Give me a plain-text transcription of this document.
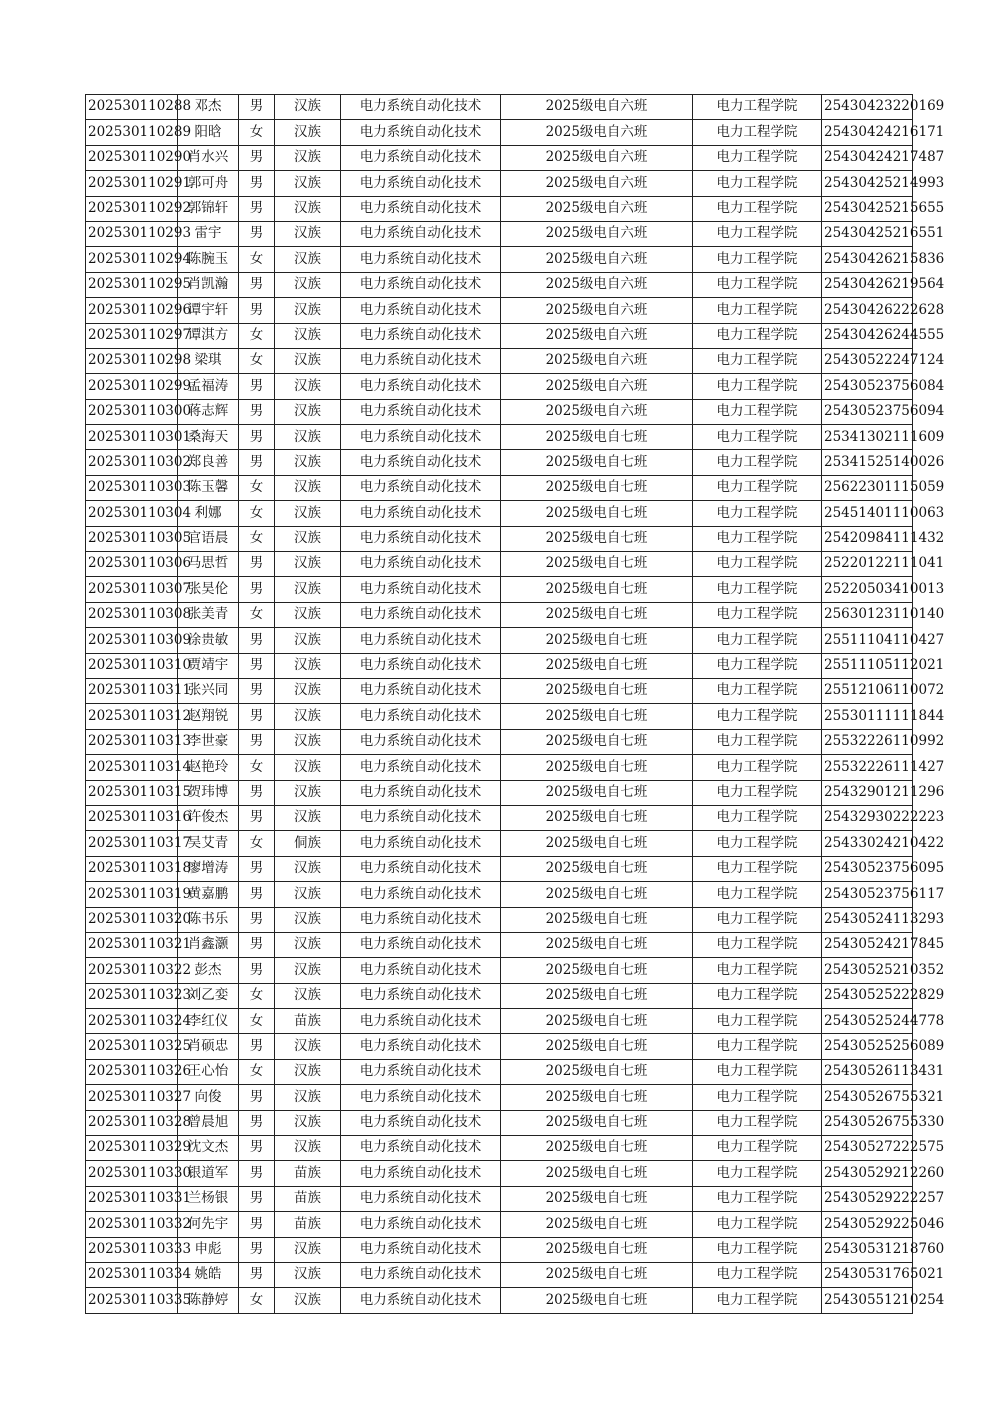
202530110288	邓杰	男	汉族	电力系统自动化技术	2025级电自六班	电力工程学院	25430423220169
202530110289	阳晗	女	汉族	电力系统自动化技术	2025级电自六班	电力工程学院	25430424216171
202530110290	肖水兴	男	汉族	电力系统自动化技术	2025级电自六班	电力工程学院	25430424217487
202530110291	郭可舟	男	汉族	电力系统自动化技术	2025级电自六班	电力工程学院	25430425214993
202530110292	郭锦轩	男	汉族	电力系统自动化技术	2025级电自六班	电力工程学院	25430425215655
202530110293	雷宇	男	汉族	电力系统自动化技术	2025级电自六班	电力工程学院	25430425216551
202530110294	陈腕玉	女	汉族	电力系统自动化技术	2025级电自六班	电力工程学院	25430426215836
202530110295	肖凯瀚	男	汉族	电力系统自动化技术	2025级电自六班	电力工程学院	25430426219564
202530110296	谭宇轩	男	汉族	电力系统自动化技术	2025级电自六班	电力工程学院	25430426222628
202530110297	谭淇方	女	汉族	电力系统自动化技术	2025级电自六班	电力工程学院	25430426244555
202530110298	梁琪	女	汉族	电力系统自动化技术	2025级电自六班	电力工程学院	25430522247124
202530110299	孟福涛	男	汉族	电力系统自动化技术	2025级电自六班	电力工程学院	25430523756084
202530110300	蒋志辉	男	汉族	电力系统自动化技术	2025级电自六班	电力工程学院	25430523756094
202530110301	桑海天	男	汉族	电力系统自动化技术	2025级电自七班	电力工程学院	25341302111609
202530110302	郑良善	男	汉族	电力系统自动化技术	2025级电自七班	电力工程学院	25341525140026
202530110303	陈玉馨	女	汉族	电力系统自动化技术	2025级电自七班	电力工程学院	25622301115059
202530110304	利娜	女	汉族	电力系统自动化技术	2025级电自七班	电力工程学院	25451401110063
202530110305	官语晨	女	汉族	电力系统自动化技术	2025级电自七班	电力工程学院	25420984111432
202530110306	马思哲	男	汉族	电力系统自动化技术	2025级电自七班	电力工程学院	25220122111041
202530110307	张昊伦	男	汉族	电力系统自动化技术	2025级电自七班	电力工程学院	25220503410013
202530110308	张美青	女	汉族	电力系统自动化技术	2025级电自七班	电力工程学院	25630123110140
202530110309	涂贵敏	男	汉族	电力系统自动化技术	2025级电自七班	电力工程学院	25511104110427
202530110310	贾靖宇	男	汉族	电力系统自动化技术	2025级电自七班	电力工程学院	25511105112021
202530110311	张兴同	男	汉族	电力系统自动化技术	2025级电自七班	电力工程学院	25512106110072
202530110312	赵翔锐	男	汉族	电力系统自动化技术	2025级电自七班	电力工程学院	25530111111844
202530110313	李世豪	男	汉族	电力系统自动化技术	2025级电自七班	电力工程学院	25532226110992
202530110314	赵艳玲	女	汉族	电力系统自动化技术	2025级电自七班	电力工程学院	25532226111427
202530110315	贺玮博	男	汉族	电力系统自动化技术	2025级电自七班	电力工程学院	25432901211296
202530110316	许俊杰	男	汉族	电力系统自动化技术	2025级电自七班	电力工程学院	25432930222223
202530110317	吴艾青	女	侗族	电力系统自动化技术	2025级电自七班	电力工程学院	25433024210422
202530110318	廖增涛	男	汉族	电力系统自动化技术	2025级电自七班	电力工程学院	25430523756095
202530110319	黄嘉鹏	男	汉族	电力系统自动化技术	2025级电自七班	电力工程学院	25430523756117
202530110320	陈书乐	男	汉族	电力系统自动化技术	2025级电自七班	电力工程学院	25430524113293
202530110321	肖鑫灏	男	汉族	电力系统自动化技术	2025级电自七班	电力工程学院	25430524217845
202530110322	彭杰	男	汉族	电力系统自动化技术	2025级电自七班	电力工程学院	25430525210352
202530110323	刘乙娈	女	汉族	电力系统自动化技术	2025级电自七班	电力工程学院	25430525222829
202530110324	李红仪	女	苗族	电力系统自动化技术	2025级电自七班	电力工程学院	25430525244778
202530110325	肖硕忠	男	汉族	电力系统自动化技术	2025级电自七班	电力工程学院	25430525256089
202530110326	王心怡	女	汉族	电力系统自动化技术	2025级电自七班	电力工程学院	25430526113431
202530110327	向俊	男	汉族	电力系统自动化技术	2025级电自七班	电力工程学院	25430526755321
202530110328	曾晨旭	男	汉族	电力系统自动化技术	2025级电自七班	电力工程学院	25430526755330
202530110329	沈文杰	男	汉族	电力系统自动化技术	2025级电自七班	电力工程学院	25430527222575
202530110330	银道军	男	苗族	电力系统自动化技术	2025级电自七班	电力工程学院	25430529212260
202530110331	兰杨银	男	苗族	电力系统自动化技术	2025级电自七班	电力工程学院	25430529222257
202530110332	何先宇	男	苗族	电力系统自动化技术	2025级电自七班	电力工程学院	25430529225046
202530110333	申彪	男	汉族	电力系统自动化技术	2025级电自七班	电力工程学院	25430531218760
202530110334	姚皓	男	汉族	电力系统自动化技术	2025级电自七班	电力工程学院	25430531765021
202530110335	陈静婷	女	汉族	电力系统自动化技术	2025级电自七班	电力工程学院	25430551210254
